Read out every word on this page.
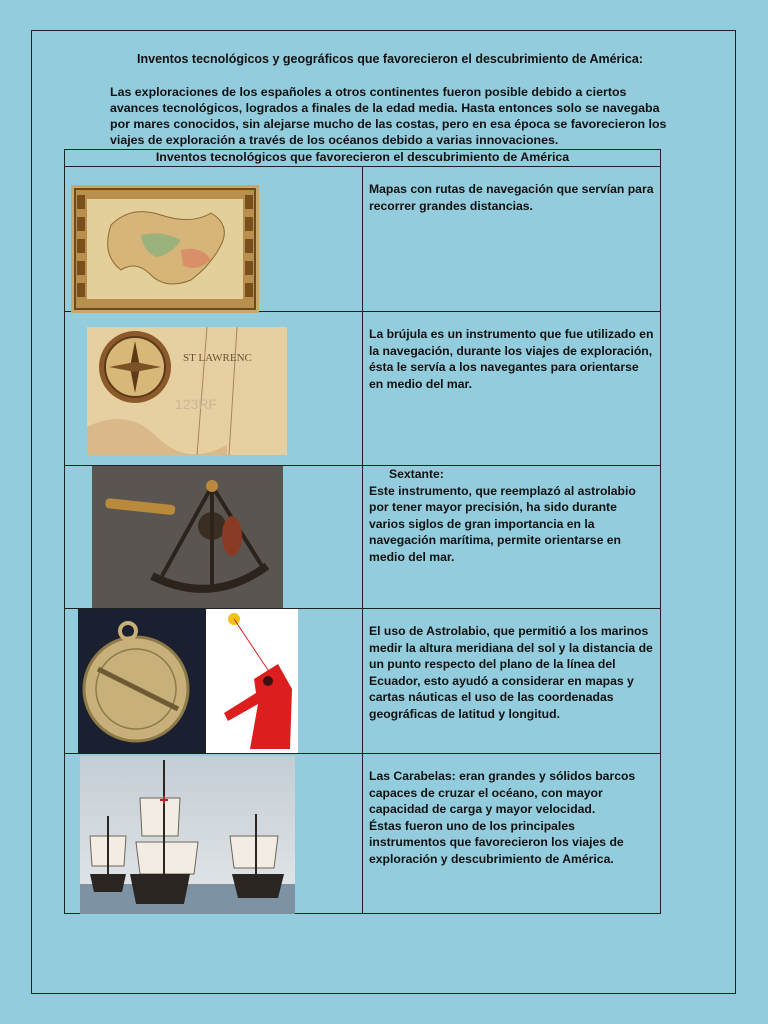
Inventos tecnológicos y geográficos que favorecieron el descubrimiento de América:
Las exploraciones de los españoles a otros continentes fueron posible debido a ciertos avances tecnológicos, logrados a finales de la edad media. Hasta entonces solo se navegaba por mares conocidos, sin alejarse mucho de las costas, pero en esa época se favorecieron los viajes de exploración a través de los océanos debido a varias innovaciones.
Inventos tecnológicos que favorecieron el descubrimiento de América	

Mapas con rutas de navegación que servían para recorrer grandes distancias.

ST LAWRENC
123RF	La brújula es un instrumento que fue utilizado en la navegación, durante los viajes de exploración, ésta le servía a los navegantes para orientarse en medio del mar.

Sextante:
Este instrumento, que reemplazó al astrolabio por tener mayor precisión, ha sido durante varios siglos de gran importancia en la navegación marítima, permite orientarse en medio del mar.

El uso de Astrolabio, que permitió a los marinos medir la altura meridiana del sol y la distancia de un punto respecto del plano de la línea del Ecuador, esto ayudó a considerar en mapas y cartas náuticas el uso de las coordenadas geográficas de latitud y longitud.

Las Carabelas: eran grandes y sólidos barcos capaces de cruzar el océano, con mayor capacidad de carga y mayor velocidad.
Éstas fueron uno de los principales instrumentos que favorecieron los viajes de exploración y descubrimiento de América.
